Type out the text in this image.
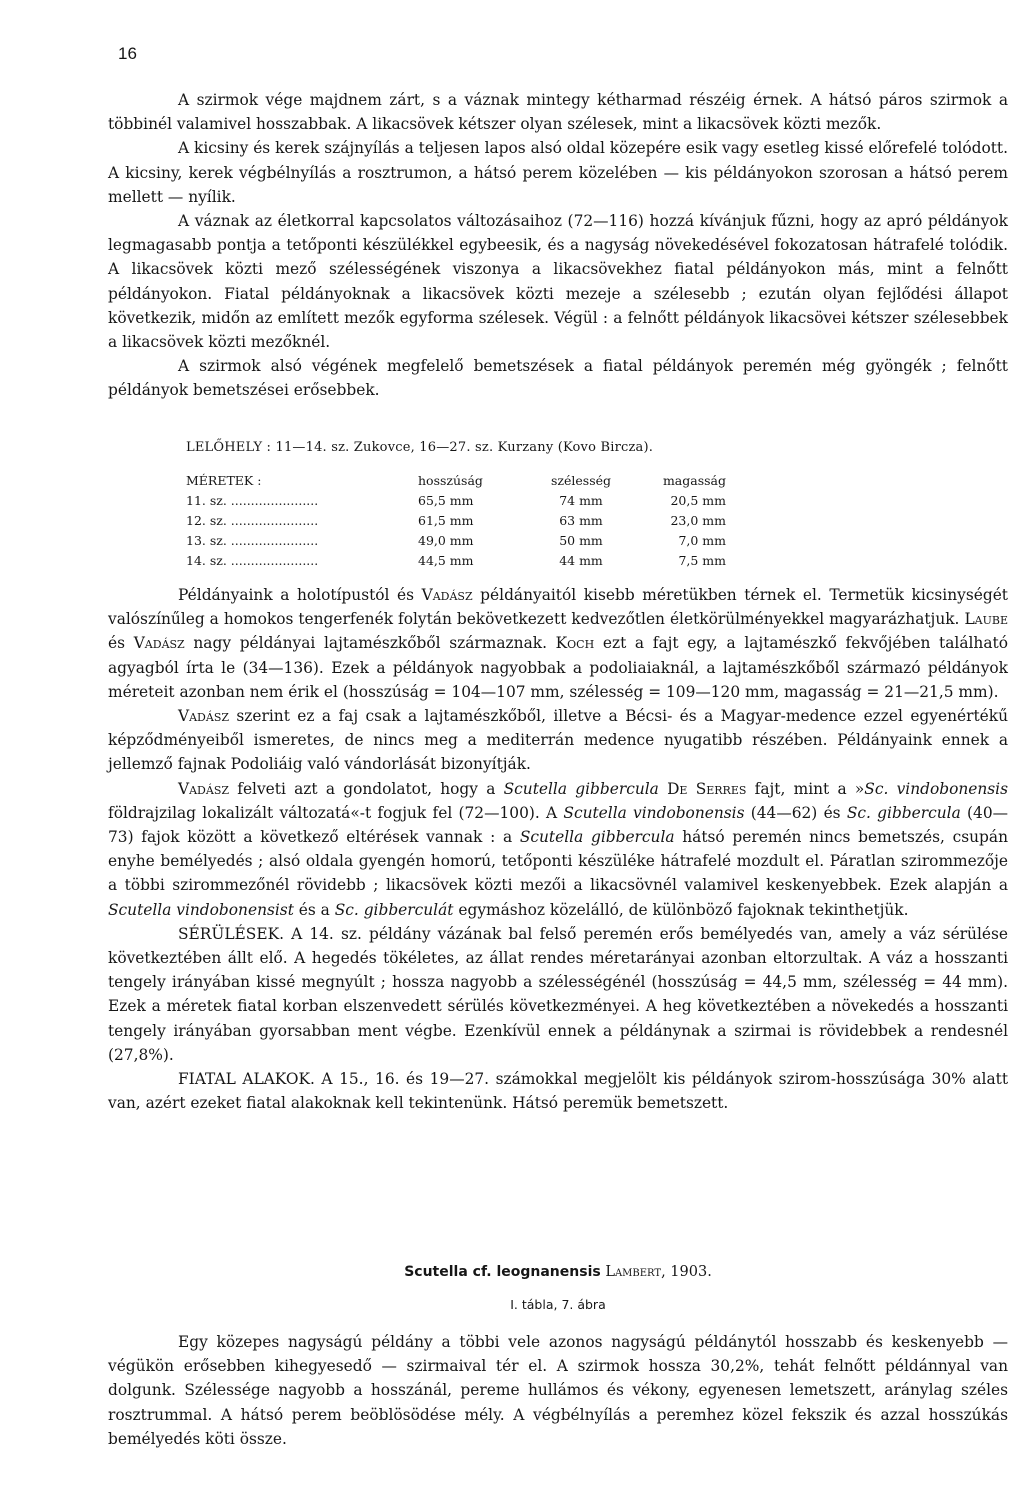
16

A szirmok vége majdnem zárt, s a váznak mintegy kétharmad részéig érnek. A hátsó páros szirmok a többinél valamivel hosszabbak. A likacsövek kétszer olyan szélesek, mint a likacsövek közti mezők.

A kicsiny és kerek szájnyílás a teljesen lapos alsó oldal közepére esik vagy esetleg kissé előrefelé tolódott. A kicsiny, kerek végbélnyílás a rosztrumon, a hátsó perem közelében — kis példányokon szorosan a hátsó perem mellett — nyílik.

A váznak az életkorral kapcsolatos változásaihoz (72—116) hozzá kívánjuk fűzni, hogy az apró példányok legmagasabb pontja a tetőponti készülékkel egybeesik, és a nagyság növekedésével fokozatosan hátrafelé tolódik. A likacsövek közti mező szélességének viszonya a likacsövekhez fiatal példányokon más, mint a felnőtt példányokon. Fiatal példányoknak a likacsövek közti mezeje a szélesebb ; ezután olyan fejlődési állapot következik, midőn az említett mezők egyforma szélesek. Végül : a felnőtt példányok likacsövei kétszer szélesebbek a likacsövek közti mezőknél.

A szirmok alsó végének megfelelő bemetszések a fiatal példányok peremén még gyöngék ; felnőtt példányok bemetszései erősebbek.

LELŐHELY : 11—14. sz. Zukovce, 16—27. sz. Kurzany (Kovo Bircza).
MÉRETEK :	hosszúság	szélesség	magasság
11. sz. ......................	65,5 mm	74 mm	20,5 mm
12. sz. ......................	61,5 mm	63 mm	23,0 mm
13. sz. ......................	49,0 mm	50 mm	7,0 mm
14. sz. ......................	44,5 mm	44 mm	7,5 mm

Példányaink a holotípustól és Vadász példányaitól kisebb méretükben térnek el. Termetük kicsinységét valószínűleg a homokos tengerfenék folytán bekövetkezett kedvezőtlen életkörülményekkel magyarázhatjuk. Laube és Vadász nagy példányai lajtamészkőből származnak. Koch ezt a fajt egy, a lajtamészkő fekvőjében található agyagból írta le (34—136). Ezek a példányok nagyobbak a podoliaiaknál, a lajtamészkőből származó példányok méreteit azonban nem érik el (hosszúság = 104—107 mm, szélesség = 109—120 mm, magasság = 21—21,5 mm).

Vadász szerint ez a faj csak a lajtamészkőből, illetve a Bécsi- és a Magyar-medence ezzel egyenértékű képződményeiből ismeretes, de nincs meg a mediterrán medence nyugatibb részében. Példányaink ennek a jellemző fajnak Podoliáig való vándorlását bizonyítják.

Vadász felveti azt a gondolatot, hogy a Scutella gibbercula De Serres fajt, mint a »Sc. vindobonensis földrajzilag lokalizált változatá«-t fogjuk fel (72—100). A Scutella vindobonensis (44—62) és Sc. gibbercula (40—73) fajok között a következő eltérések vannak : a Scutella gibbercula hátsó peremén nincs bemetszés, csupán enyhe bemélyedés ; alsó oldala gyengén homorú, tetőponti készüléke hátrafelé mozdult el. Páratlan szirommezője a többi szirommezőnél rövidebb ; likacsövek közti mezői a likacsövnél valamivel keskenyebbek. Ezek alapján a Scutella vindobonensist és a Sc. gibberculát egymáshoz közelálló, de különböző fajoknak tekinthetjük.

SÉRÜLÉSEK. A 14. sz. példány vázának bal felső peremén erős bemélyedés van, amely a váz sérülése következtében állt elő. A hegedés tökéletes, az állat rendes méretarányai azonban eltorzultak. A váz a hosszanti tengely irányában kissé megnyúlt ; hossza nagyobb a szélességénél (hosszúság = 44,5 mm, szélesség = 44 mm). Ezek a méretek fiatal korban elszenvedett sérülés következményei. A heg következtében a növekedés a hosszanti tengely irányában gyorsabban ment végbe. Ezenkívül ennek a példánynak a szirmai is rövidebbek a rendesnél (27,8%).

FIATAL ALAKOK. A 15., 16. és 19—27. számokkal megjelölt kis példányok szirom-hosszúsága 30% alatt van, azért ezeket fiatal alakoknak kell tekintenünk. Hátsó peremük bemetszett.

Scutella cf. leognanensis Lambert, 1903.
I. tábla, 7. ábra

Egy közepes nagyságú példány a többi vele azonos nagyságú példánytól hosszabb és keskenyebb — végükön erősebben kihegyesedő — szirmaival tér el. A szirmok hossza 30,2%, tehát felnőtt példánnyal van dolgunk. Szélessége nagyobb a hosszánál, pereme hullámos és vékony, egyenesen lemetszett, aránylag széles rosztrummal. A hátsó perem beöblösödése mély. A végbélnyílás a peremhez közel fekszik és azzal hosszúkás bemélyedés köti össze.
